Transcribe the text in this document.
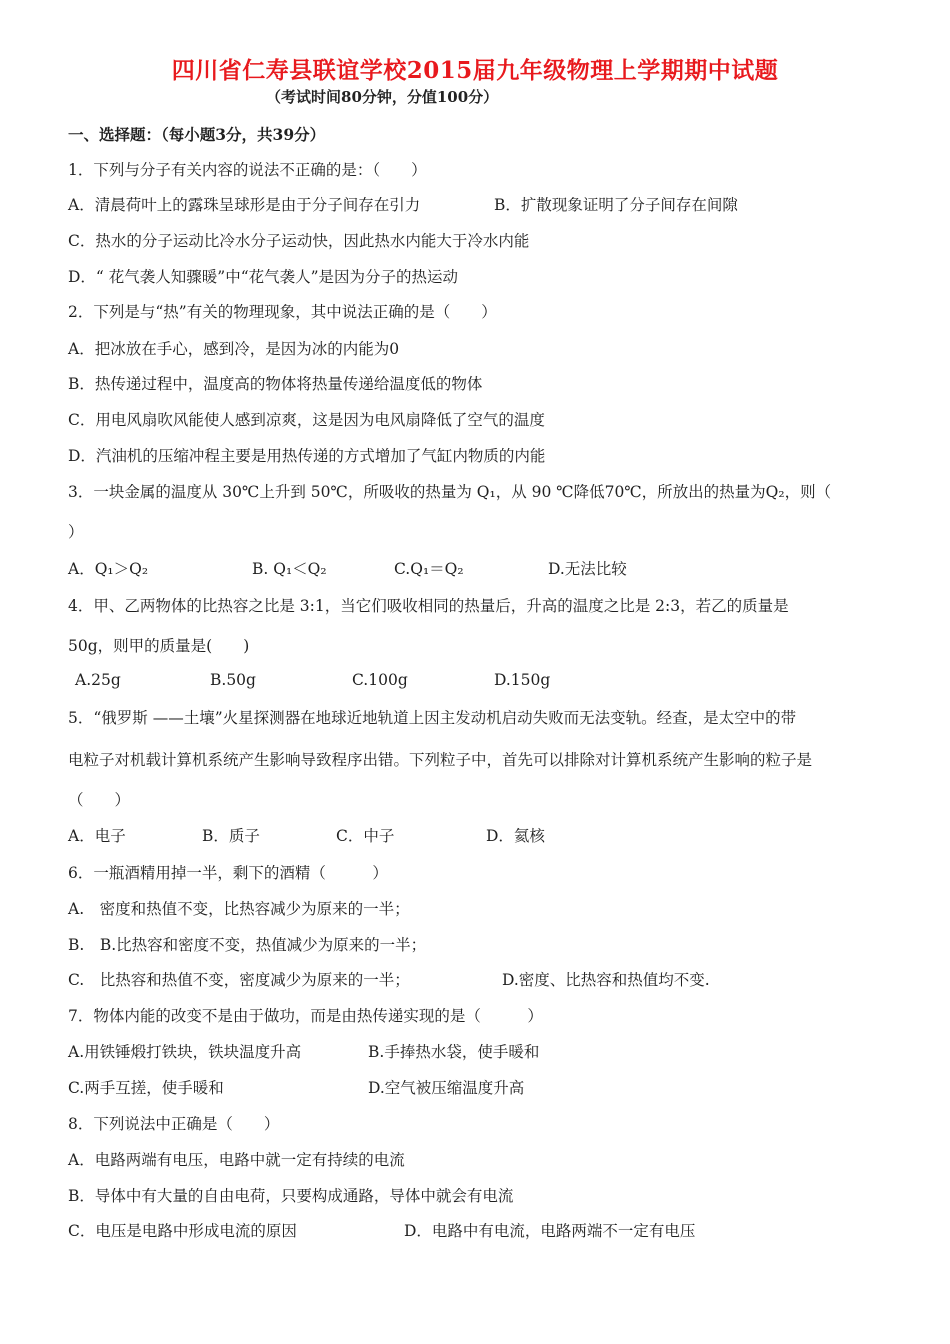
四川省仁寿县联谊学校2015届九年级物理上学期期中试题
（考试时间80分钟，分值100分）
一、选择题：（每小题3分，共39分）
1．下列与分子有关内容的说法不正确的是：（　　）
A．清晨荷叶上的露珠呈球形是由于分子间存在引力	B．扩散现象证明了分子间存在间隙
C．热水的分子运动比冷水分子运动快，因此热水内能大于冷水内能
D．“ 花气袭人知骤暖”中“花气袭人”是因为分子的热运动
2．下列是与“热”有关的物理现象，其中说法正确的是（　　）
A．把冰放在手心，感到冷，是因为冰的内能为0
B．热传递过程中，温度高的物体将热量传递给温度低的物体
C．用电风扇吹风能使人感到凉爽，这是因为电风扇降低了空气的温度
D．汽油机的压缩冲程主要是用热传递的方式增加了气缸内物质的内能
3．一块金属的温度从 30℃上升到 50℃，所吸收的热量为 Q₁，从 90 ℃降低70℃，所放出的热量为Q₂，则（
）
A．Q₁＞Q₂	B. Q₁＜Q₂	C.Q₁＝Q₂	D.无法比较
4．甲、乙两物体的比热容之比是 3:1，当它们吸收相同的热量后，升高的温度之比是 2:3，若乙的质量是
50g，则甲的质量是(　　)
A.25g	B.50g	C.100g	D.150g
5．“俄罗斯 ——土壤”火星探测器在地球近地轨道上因主发动机启动失败而无法变轨。经查，是太空中的带
电粒子对机载计算机系统产生影响导致程序出错。下列粒子中，首先可以排除对计算机系统产生影响的粒子是
（　　）
A．电子	B．质子	C．中子	D．氦核
6．一瓶酒精用掉一半，剩下的酒精（　　　）
A.　密度和热值不变，比热容减少为原来的一半；
B.　B.比热容和密度不变，热值减少为原来的一半；
C.　比热容和热值不变，密度减少为原来的一半；	D.密度、比热容和热值均不变.
7．物体内能的改变不是由于做功，而是由热传递实现的是（　　　）
A.用铁锤煅打铁块，铁块温度升高	B.手捧热水袋，使手暖和
C.两手互搓，使手暖和	D.空气被压缩温度升高
8．下列说法中正确是（　　）
A．电路两端有电压，电路中就一定有持续的电流
B．导体中有大量的自由电荷，只要构成通路，导体中就会有电流
C．电压是电路中形成电流的原因	D．电路中有电流，电路两端不一定有电压
